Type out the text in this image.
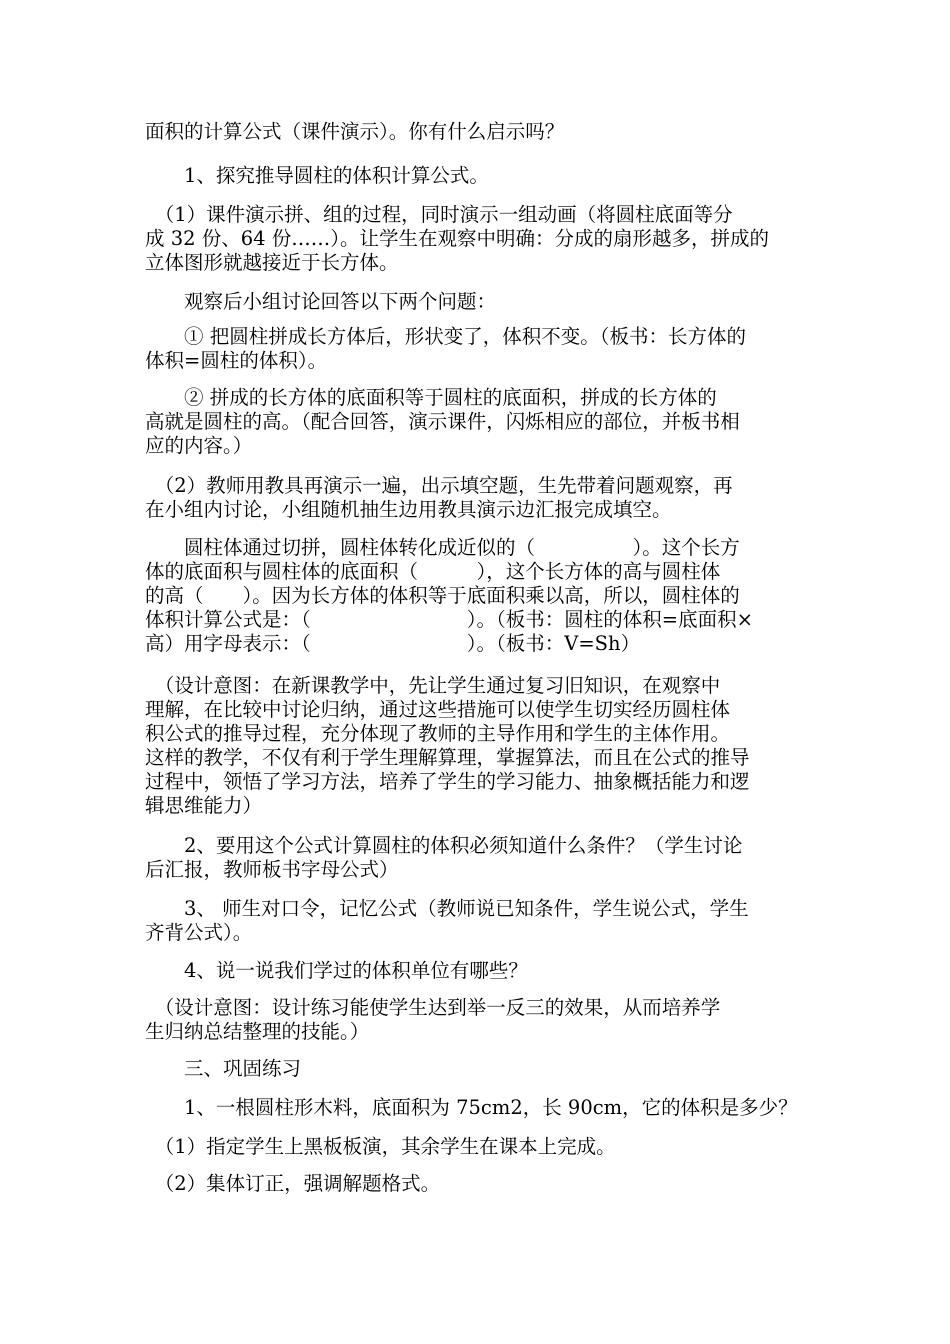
面积的计算公式（课件演示）。你有什么启示吗？
　　1、探究推导圆柱的体积计算公式。
　（1）课件演示拼、组的过程，同时演示一组动画（将圆柱底面等分
成 32 份、64 份……）。让学生在观察中明确：分成的扇形越多，拼成的
立体图形就越接近于长方体。
　　观察后小组讨论回答以下两个问题：
　　① 把圆柱拼成长方体后，形状变了，体积不变。（板书：长方体的
体积=圆柱的体积）。
　　② 拼成的长方体的底面积等于圆柱的底面积，拼成的长方体的
高就是圆柱的高。（配合回答，演示课件，闪烁相应的部位，并板书相
应的内容。）
　（2）教师用教具再演示一遍，出示填空题，生先带着问题观察，再
在小组内讨论，小组随机抽生边用教具演示边汇报完成填空。
　　圆柱体通过切拼，圆柱体转化成近似的（　　　　　）。这个长方
体的底面积与圆柱体的底面积（　　　），这个长方体的高与圆柱体
的高（　　）。因为长方体的体积等于底面积乘以高，所以，圆柱体的
体积计算公式是：（　　　　　　　　）。（板书：圆柱的体积=底面积×
高）用字母表示：（　　　　　　　　）。（板书：V=Sh）
　（设计意图：在新课教学中，先让学生通过复习旧知识，在观察中
理解，在比较中讨论归纳，通过这些措施可以使学生切实经历圆柱体
积公式的推导过程，充分体现了教师的主导作用和学生的主体作用。
这样的教学，不仅有利于学生理解算理，掌握算法，而且在公式的推导
过程中，领悟了学习方法，培养了学生的学习能力、抽象概括能力和逻
辑思维能力）
　　2、要用这个公式计算圆柱的体积必须知道什么条件？（学生讨论
后汇报，教师板书字母公式）
　　3、 师生对口令，记忆公式（教师说已知条件，学生说公式，学生
齐背公式）。
　　4、说一说我们学过的体积单位有哪些？
　（设计意图：设计练习能使学生达到举一反三的效果，从而培养学
生归纳总结整理的技能。）
　　三、巩固练习
　　1、一根圆柱形木料，底面积为 75cm2，长 90cm，它的体积是多少？
　（1）指定学生上黑板板演，其余学生在课本上完成。
　（2）集体订正，强调解题格式。
